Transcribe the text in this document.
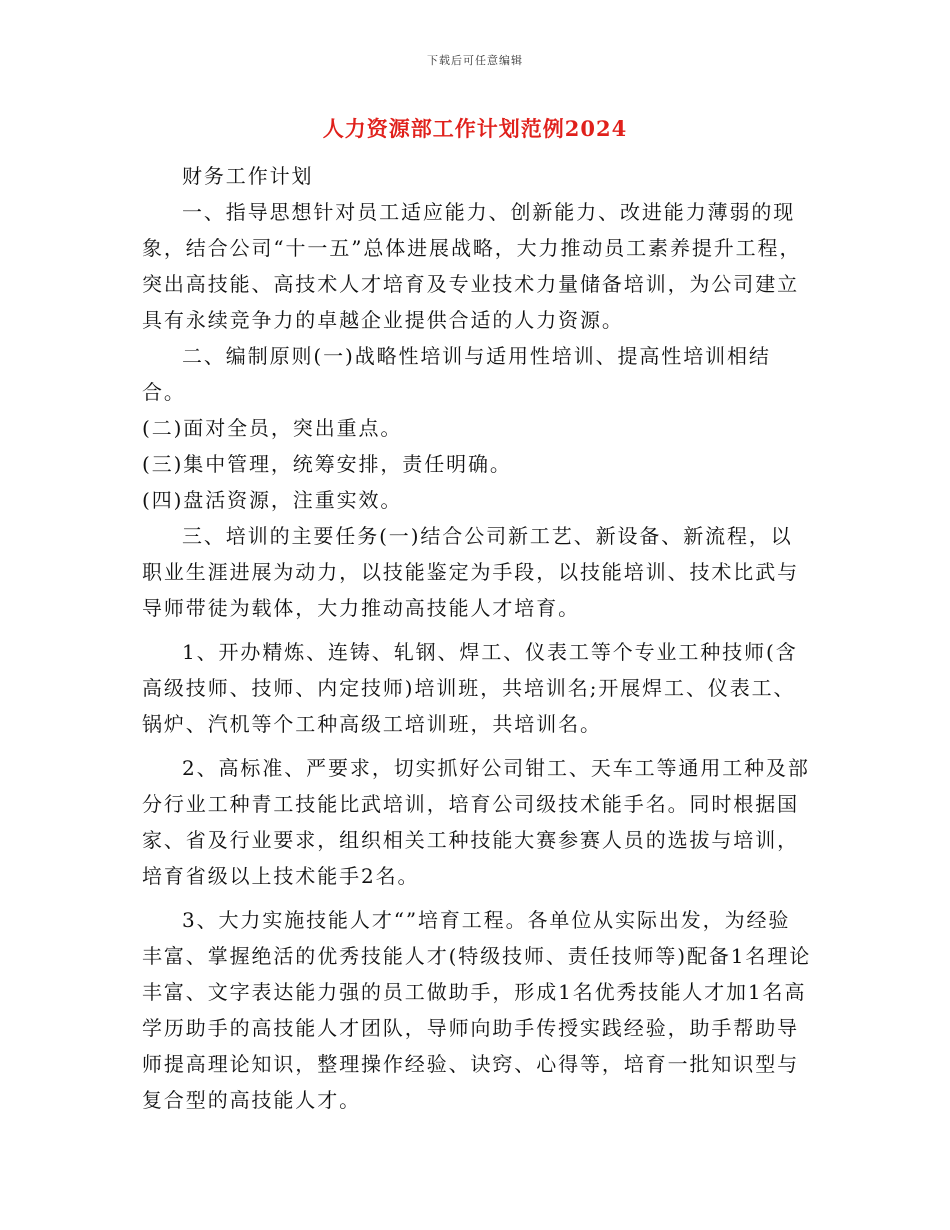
下载后可任意编辑
人力资源部工作计划范例2024

财务工作计划

一、指导思想针对员工适应能力、创新能力、改进能力薄弱的现象，结合公司“十一五”总体进展战略，大力推动员工素养提升工程，突出高技能、高技术人才培育及专业技术力量储备培训，为公司建立具有永续竞争力的卓越企业提供合适的人力资源。

二、编制原则(一)战略性培训与适用性培训、提高性培训相结合。

(二)面对全员，突出重点。

(三)集中管理，统筹安排，责任明确。

(四)盘活资源，注重实效。

三、培训的主要任务(一)结合公司新工艺、新设备、新流程，以职业生涯进展为动力，以技能鉴定为手段，以技能培训、技术比武与导师带徒为载体，大力推动高技能人才培育。

1、开办精炼、连铸、轧钢、焊工、仪表工等个专业工种技师(含高级技师、技师、内定技师)培训班，共培训名;开展焊工、仪表工、锅炉、汽机等个工种高级工培训班，共培训名。

2、高标准、严要求，切实抓好公司钳工、天车工等通用工种及部分行业工种青工技能比武培训，培育公司级技术能手名。同时根据国家、省及行业要求，组织相关工种技能大赛参赛人员的选拔与培训，培育省级以上技术能手2名。

3、大力实施技能人才“”培育工程。各单位从实际出发，为经验丰富、掌握绝活的优秀技能人才(特级技师、责任技师等)配备1名理论丰富、文字表达能力强的员工做助手，形成1名优秀技能人才加1名高学历助手的高技能人才团队，导师向助手传授实践经验，助手帮助导师提高理论知识，整理操作经验、诀窍、心得等，培育一批知识型与复合型的高技能人才。
